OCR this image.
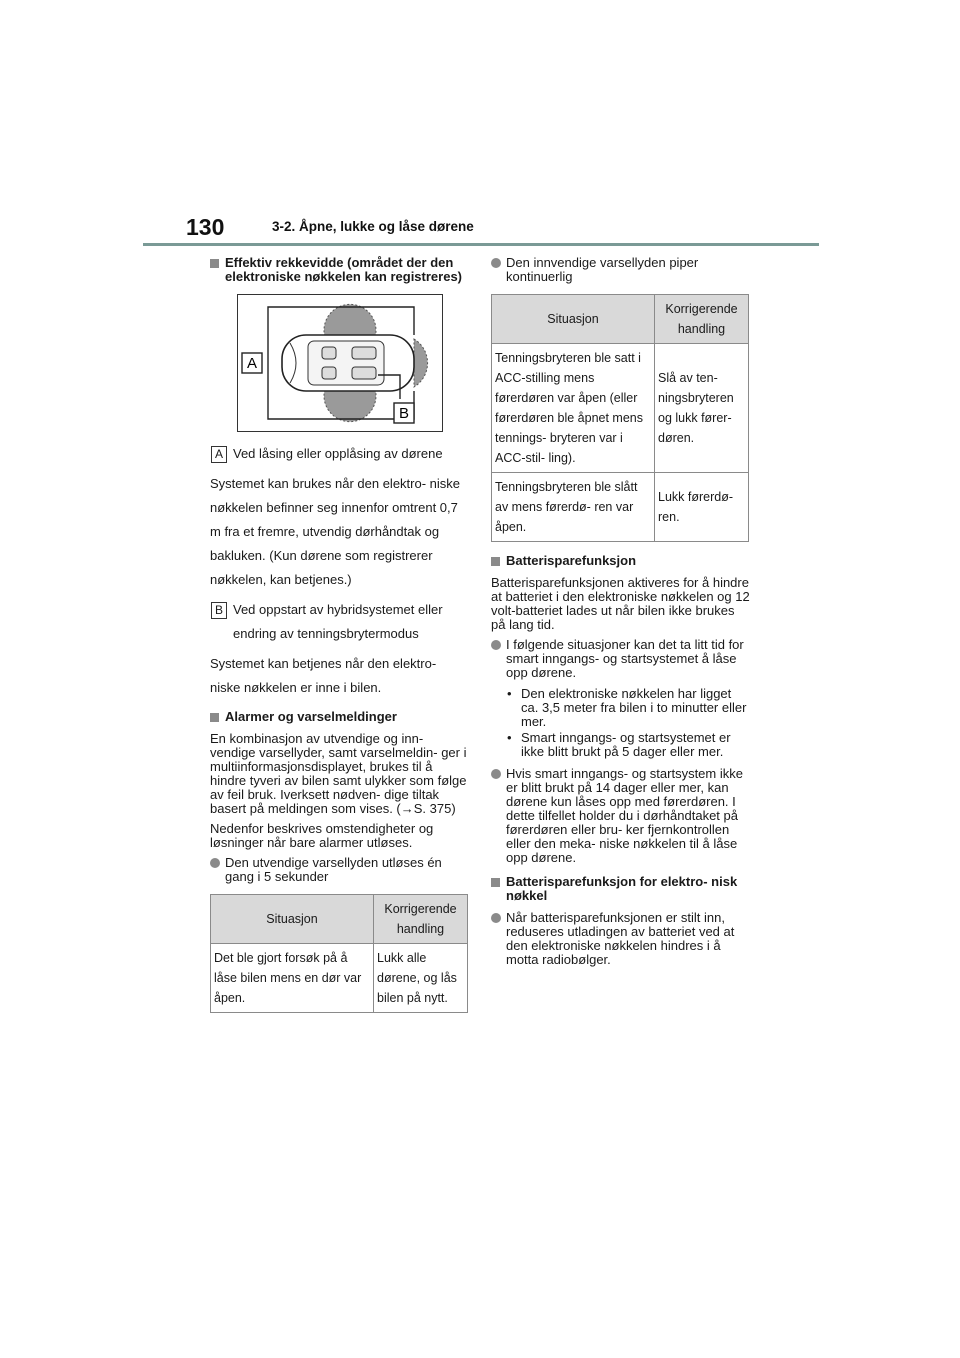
130	3-2. Åpne, lukke og låse dørene
Effektiv rekkevidde (området der den elektroniske nøkkelen kan registreres)
A
B
A Ved låsing eller opplåsing av dørene

Systemet kan brukes når den elektro- niske nøkkelen befinner seg innenfor omtrent 0,7 m fra et fremre, utvendig dørhåndtak og bakluken. (Kun dørene som registrerer nøkkelen, kan betjenes.)

B Ved oppstart av hybridsystemet eller endring av tenningsbrytermodus

Systemet kan betjenes når den elektro- niske nøkkelen er inne i bilen.

Alarmer og varselmeldinger

En kombinasjon av utvendige og inn- vendige varsellyder, samt varselmeldin- ger i multiinformasjonsdisplayet, brukes til å hindre tyveri av bilen samt ulykker som følge av feil bruk. Iverksett nødven- dige tiltak basert på meldingen som vises. (→S. 375)

Nedenfor beskrives omstendigheter og løsninger når bare alarmer utløses.

Den utvendige varsellyden utløses én gang i 5 sekunder
Situasjon	Korrigerende handling
Det ble gjort forsøk på å låse bilen mens en dør var åpen.	Lukk alle dørene, og lås bilen på nytt.
Den innvendige varsellyden piper kontinuerlig
Situasjon	Korrigerende handling
Tenningsbryteren ble satt i ACC-stilling mens førerdøren var åpen (eller førerdøren ble åpnet mens tennings- bryteren var i ACC-stil- ling).	Slå av ten- ningsbryteren og lukk fører- døren.
Tenningsbryteren ble slått av mens førerdø- ren var åpen.	Lukk førerdø- ren.
Batterisparefunksjon

Batterisparefunksjonen aktiveres for å hindre at batteriet i den elektroniske nøkkelen og 12 volt-batteriet lades ut når bilen ikke brukes på lang tid.

I følgende situasjoner kan det ta litt tid for smart inngangs- og startsystemet å låse opp dørene.
• Den elektroniske nøkkelen har ligget ca. 3,5 meter fra bilen i to minutter eller mer.
• Smart inngangs- og startsystemet er ikke blitt brukt på 5 dager eller mer.
Hvis smart inngangs- og startsystem ikke er blitt brukt på 14 dager eller mer, kan dørene kun låses opp med førerdøren. I dette tilfellet holder du i dørhåndtaket på førerdøren eller bru- ker fjernkontrollen eller den meka- niske nøkkelen til å låse opp dørene.
Batterisparefunksjon for elektro- nisk nøkkel
Når batterisparefunksjonen er stilt inn, reduseres utladingen av batteriet ved at den elektroniske nøkkelen hindres i å motta radiobølger.
